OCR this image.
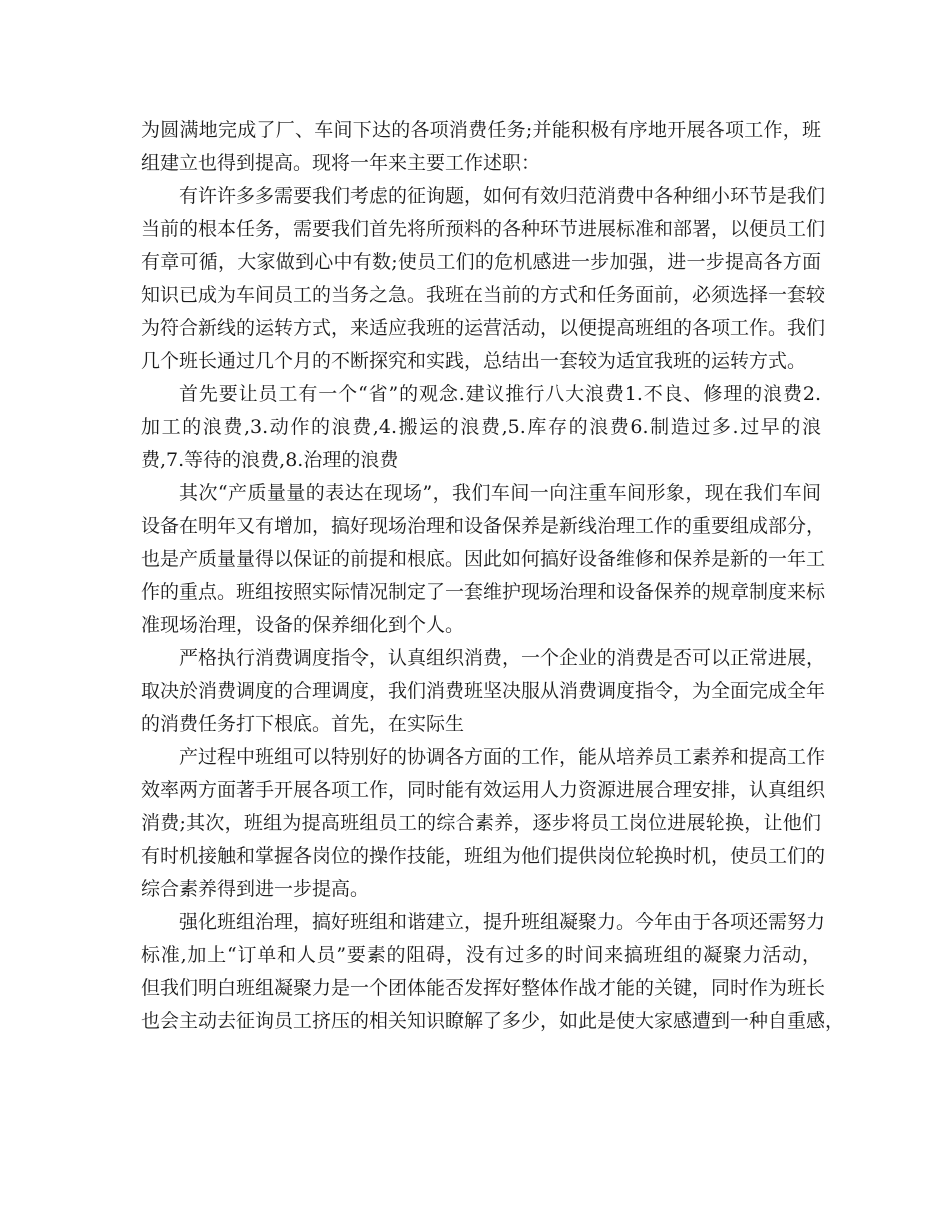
为圆满地完成了厂、车间下达的各项消费任务;并能积极有序地开展各项工作，班
组建立也得到提高。现将一年来主要工作述职：
有许许多多需要我们考虑的征询题，如何有效归范消费中各种细小环节是我们
当前的根本任务，需要我们首先将所预料的各种环节进展标准和部署，以便员工们
有章可循，大家做到心中有数;使员工们的危机感进一步加强，进一步提高各方面
知识已成为车间员工的当务之急。我班在当前的方式和任务面前，必须选择一套较
为符合新线的运转方式，来适应我班的运营活动，以便提高班组的各项工作。我们
几个班长通过几个月的不断探究和实践，总结出一套较为适宜我班的运转方式。
首先要让员工有一个“省”的观念.建议推行八大浪费1.不良、修理的浪费2.
加工的浪费,3.动作的浪费,4.搬运的浪费,5.库存的浪费6.制造过多.过早的浪
费,7.等待的浪费,8.治理的浪费
其次“产质量量的表达在现场”，我们车间一向注重车间形象，现在我们车间
设备在明年又有增加，搞好现场治理和设备保养是新线治理工作的重要组成部分，
也是产质量量得以保证的前提和根底。因此如何搞好设备维修和保养是新的一年工
作的重点。班组按照实际情况制定了一套维护现场治理和设备保养的规章制度来标
准现场治理，设备的保养细化到个人。
严格执行消费调度指令，认真组织消费，一个企业的消费是否可以正常进展，
取决於消费调度的合理调度，我们消费班坚决服从消费调度指令，为全面完成全年
的消费任务打下根底。首先，在实际生
产过程中班组可以特别好的协调各方面的工作，能从培养员工素养和提高工作
效率两方面著手开展各项工作，同时能有效运用人力资源进展合理安排，认真组织
消费;其次，班组为提高班组员工的综合素养，逐步将员工岗位进展轮换，让他们
有时机接触和掌握各岗位的操作技能，班组为他们提供岗位轮换时机，使员工们的
综合素养得到进一步提高。
强化班组治理，搞好班组和谐建立，提升班组凝聚力。今年由于各项还需努力
标准,加上“订单和人员”要素的阻碍，没有过多的时间来搞班组的凝聚力活动，
但我们明白班组凝聚力是一个团体能否发挥好整体作战才能的关键，同时作为班长
也会主动去征询员工挤压的相关知识瞭解了多少，如此是使大家感遭到一种自重感，
